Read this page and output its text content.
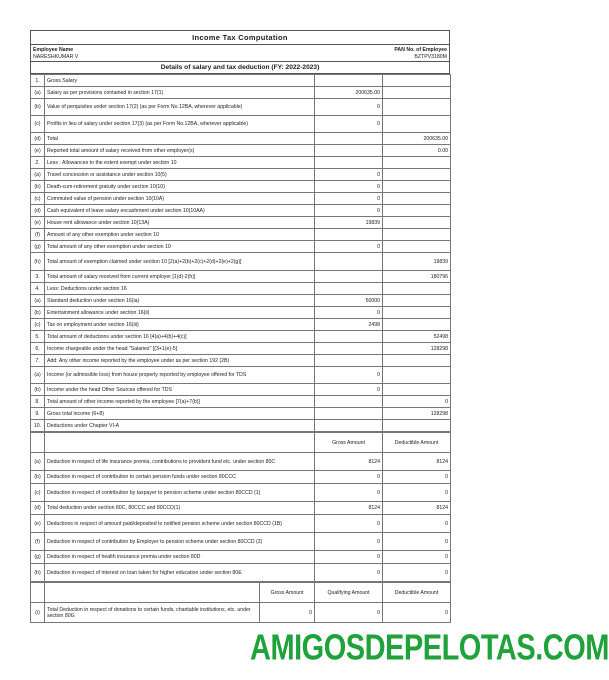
Income Tax Computation
Employee Name
NARESHKUMAR V
PAN No. of Employee
BZTPV3180M
Details of salary and tax deduction (FY: 2022-2023)
1.	Gross Salary		
(a)	Salary as per provisions contained in section 17(1)	200635.00	
(b)	Value of perquisites under section 17(2) (as per Form No.12BA, wherever applicable)	0	
(c)	Profits in lieu of salary under section 17(3) (as per Form No.12BA, wherever applicable)	0	
(d)	Total		200635.00
(e)	Reported total amount of salary received from other employer(s)		0.00
2.	Less : Allowances to the extent exempt under section 10		
(a)	Travel concession or assistance under section 10(5)	0	
(b)	Death-cum-retirement gratuity under section 10(10)	0	
(c)	Commuted value of pension under section 10(10A)	0	
(d)	Cash equivalent of leave salary encashment under section 10(10AA)	0	
(e)	House rent allowance under section 10(13A)	19839	
(f)	Amount of any other exemption under section 10		
(g)	Total amount of any other exemption under section 10	0	
(h)	Total amount of exemption claimed under section 10 [2(a)+2(b)+2(c)+2(d)+2(e)+2(g)]		19839
3.	Total amount of salary received from current employer [1(d)-2(h)]		180796
4.	Less: Deductions under section 16		
(a)	Standard deduction under section 16(ia)	50000	
(b)	Entertainment allowance under section 16(ii)	0	
(c)	Tax on employment under section 16(iii)	2498	
5.	Total amount of deductions under section 16 [4(a)+4(b)+4(c)]		52498
6.	Income chargeable under the head "Salaries" [(3+1(e)-5]		128298
7.	Add: Any other income reported by the employee under as per section 192 (2B)		
(a)	Income (or admissible loss) from house property reported by employee offered for TDS	0	
(b)	Income under the head Other Sources offered for TDS	0	
8.	Total amount of other income reported by the employee [7(a)+7(b)]		0
9.	Gross total income (6+8)		128298
10.	Deductions under Chapter VI-A		
		Gross Amount	Deductible Amount
(a)	Deduction in respect of life insurance premia, contributions to provident fund etc. under section 80C	8124	8124
(b)	Deduction in respect of contribution to certain pension funds under section 80CCC	0	0
(c)	Deduction in respect of contribution by taxpayer to pension scheme under section 80CCD (1)	0	0
(d)	Total deduction under section 80C, 80CCC and 80CCD(1)	8124	8124
(e)	Deductions in respect of amount paid/deposited to notified pension scheme under section 80CCD (1B)	0	0
(f)	Deduction in respect of contribution by Employer to pension scheme under section 80CCD (2)	0	0
(g)	Deduction in respect of health insurance premia under section 80D	0	0
(h)	Deduction in respect of interest on loan taken for higher education under section 80E	0	0
		Gross Amount	Qualifying Amount	Deductible Amount
(i)	Total Deduction in respect of donations to certain funds, charitable institutions, etc. under section 80G	0	0	0
AMIGOSDEPELOTAS.COM
